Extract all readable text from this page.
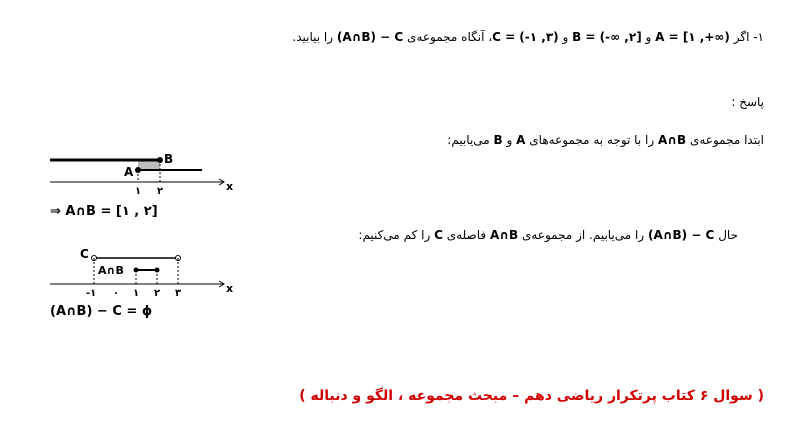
۱- اگر A = [۱ ,+∞) و B = (-∞ ,۲] و C = (-۱ ,۳)، آنگاه مجموعه‌ی (A∩B) − C را بیابید.
پاسخ :
ابتدا مجموعه‌ی A∩B را با توجه به مجموعه‌های A و B می‌یابیم:
حال (A∩B) − C را می‌یابیم. از مجموعه‌ی A∩B فاصله‌ی C را کم می‌کنیم:
B
A
۱ ۲	x
⇒ A∩B = [۱ , ۲]
C
A∩B
-۱ ۰ ۱ ۲ ۳	x
(A∩B) − C = ϕ
( سوال ۶ کتاب پرتکرار ریاضی دهم – مبحث مجموعه ، الگو و دنباله )
